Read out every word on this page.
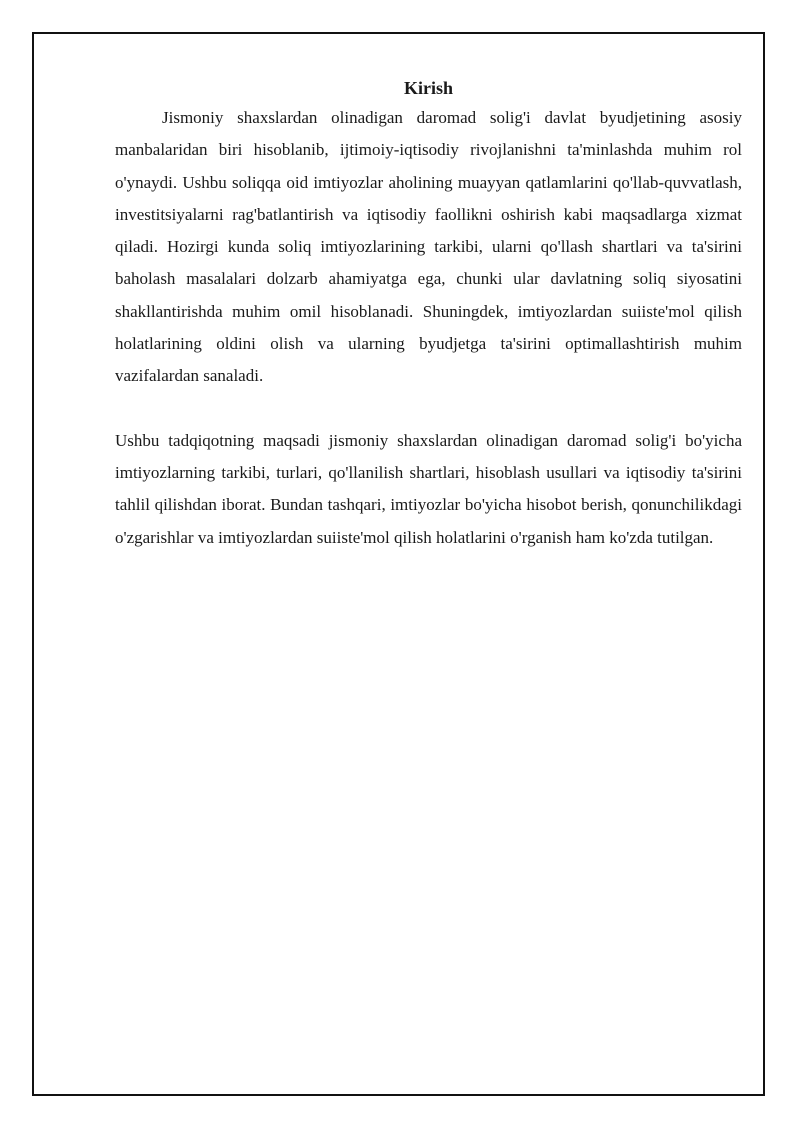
Kirish

Jismoniy shaxslardan olinadigan daromad solig'i davlat byudjetining asosiy manbalaridan biri hisoblanib, ijtimoiy-iqtisodiy rivojlanishni ta'minlashda muhim rol o'ynaydi. Ushbu soliqqa oid imtiyozlar aholining muayyan qatlamlarini qo'llab-quvvatlash, investitsiyalarni rag'batlantirish va iqtisodiy faollikni oshirish kabi maqsadlarga xizmat qiladi. Hozirgi kunda soliq imtiyozlarining tarkibi, ularni qo'llash shartlari va ta'sirini baholash masalalari dolzarb ahamiyatga ega, chunki ular davlatning soliq siyosatini shakllantirishda muhim omil hisoblanadi. Shuningdek, imtiyozlardan suiiste'mol qilish holatlarining oldini olish va ularning byudjetga ta'sirini optimallashtirish muhim vazifalardan sanaladi.

Ushbu tadqiqotning maqsadi jismoniy shaxslardan olinadigan daromad solig'i bo'yicha imtiyozlarning tarkibi, turlari, qo'llanilish shartlari, hisoblash usullari va iqtisodiy ta'sirini tahlil qilishdan iborat. Bundan tashqari, imtiyozlar bo'yicha hisobot berish, qonunchilikdagi o'zgarishlar va imtiyozlardan suiiste'mol qilish holatlarini o'rganish ham ko'zda tutilgan.
